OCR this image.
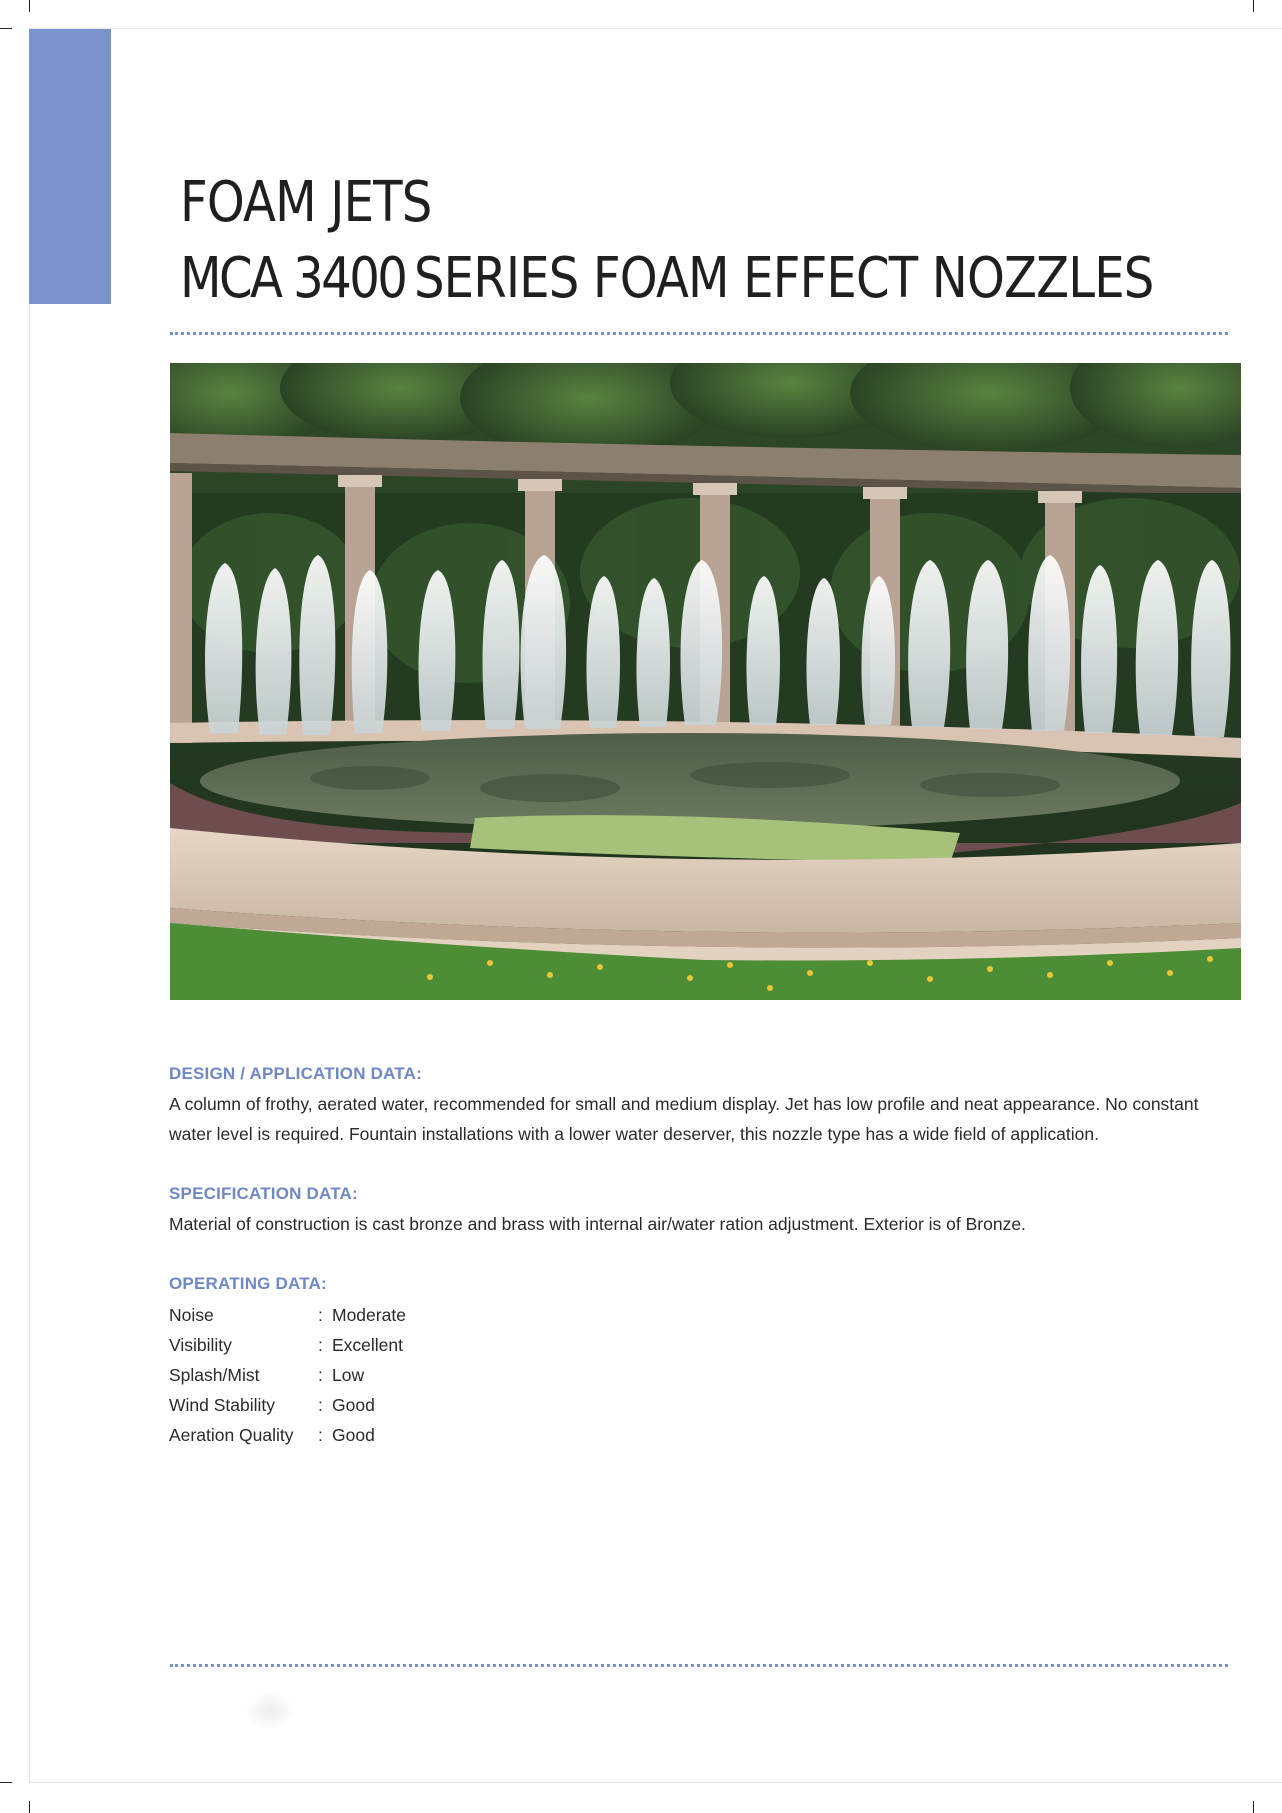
FOAM JETS
MCA 3400 SERIES FOAM EFFECT NOZZLES
DESIGN / APPLICATION DATA:

A column of frothy, aerated water, recommended for small and medium display. Jet has low profile and neat appearance. No constant water level is required. Fountain installations with a lower water deserver, this nozzle type has a wide field of application.

SPECIFICATION DATA:

Material of construction is cast bronze and brass with internal air/water ration adjustment. Exterior is of Bronze.

OPERATING DATA:
Noise	: Moderate
Visibility	: Excellent
Splash/Mist	: Low
Wind Stability : Good
Aeration Quality : Good
